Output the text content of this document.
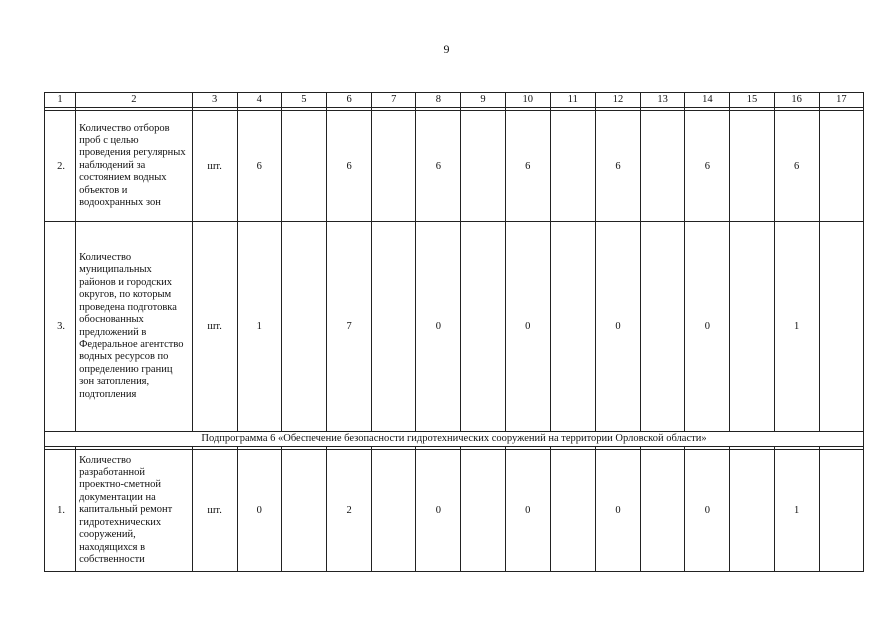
9
1	2	3	4	5	6	7	8	9	10	11	12	13	14	15	16	17

2.	Количество отборов проб с целью проведения регулярных наблюдений за состоянием водных объектов и водоохранных зон	шт.	6		6		6		6		6		6		6	
3.	Количество муниципальных районов и городских округов, по которым проведена подготовка обоснованных предложений в Федеральное агентство водных ресурсов по определению границ зон затопления, подтопления	шт.	1		7		0		0		0		0		1	
Подпрограмма 6 «Обеспечение безопасности гидротехнических сооружений на территории Орловской области»																

1.	Количество разработанной проектно-сметной документации на капитальный ремонт гидротехнических сооружений, находящихся в собственности	шт.	0		2		0		0		0		0		1	
